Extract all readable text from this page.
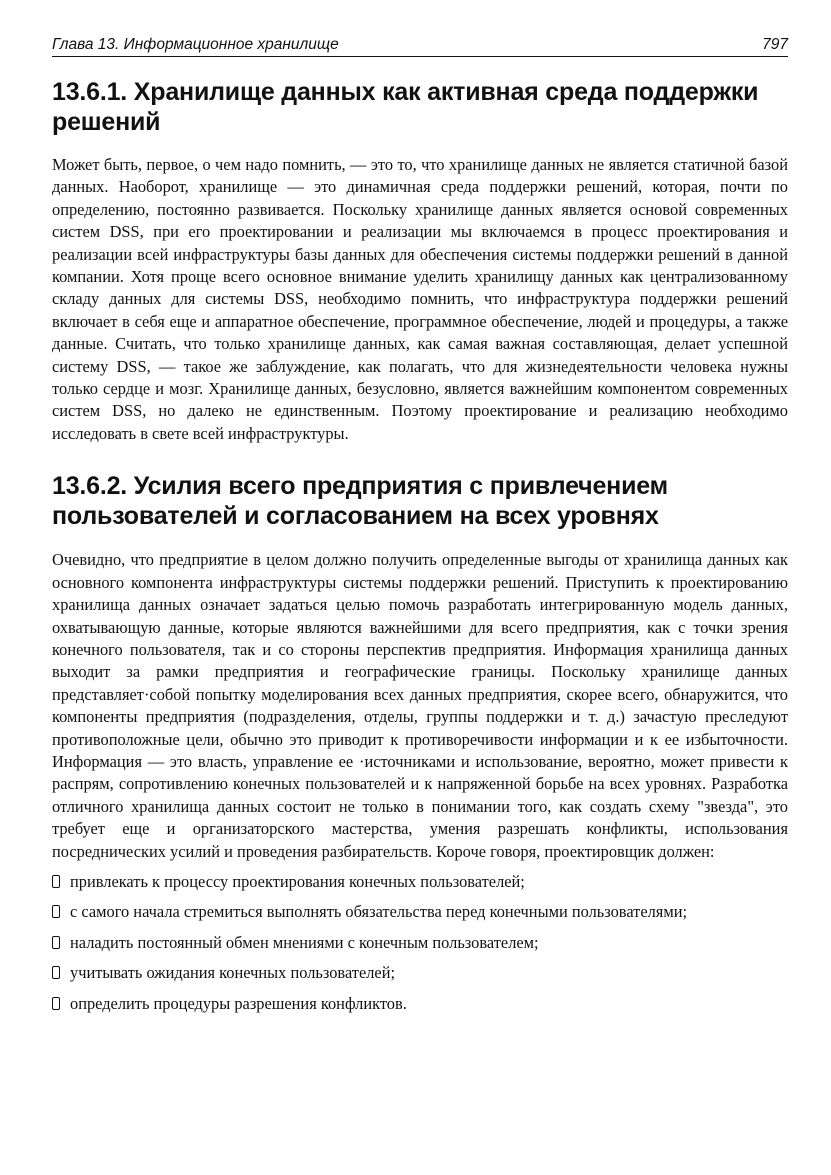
Глава 13. Информационное хранилище	797
13.6.1. Хранилище данных как активная среда поддержки решений

Может быть, первое, о чем надо помнить, — это то, что хранилище данных не является статичной базой данных. Наоборот, хранилище — это динамичная среда поддержки решений, которая, почти по определению, постоянно развивается. Поскольку хранилище данных является основой современных систем DSS, при его проектировании и реализации мы включаемся в процесс проектирования и реализации всей инфраструктуры базы данных для обеспечения системы поддержки решений в данной компании. Хотя проще всего основное внимание уделить хранилищу данных как централизованному складу данных для системы DSS, необходимо помнить, что инфраструктура поддержки решений включает в себя еще и аппаратное обеспечение, программное обеспечение, людей и процедуры, а также данные. Считать, что только хранилище данных, как самая важная составляющая, делает успешной систему DSS, — такое же заблуждение, как полагать, что для жизнедеятельности человека нужны только сердце и мозг. Хранилище данных, безусловно, является важнейшим компонентом современных систем DSS, но далеко не единственным. Поэтому проектирование и реализацию необходимо исследовать в свете всей инфраструктуры.

13.6.2. Усилия всего предприятия с привлечением пользователей и согласованием на всех уровнях

Очевидно, что предприятие в целом должно получить определенные выгоды от хранилища данных как основного компонента инфраструктуры системы поддержки решений. Приступить к проектированию хранилища данных означает задаться целью помочь разработать интегрированную модель данных, охватывающую данные, которые являются важнейшими для всего предприятия, как с точки зрения конечного пользователя, так и со стороны перспектив предприятия. Информация хранилища данных выходит за рамки предприятия и географические границы. Поскольку хранилище данных представляет·собой попытку моделирования всех данных предприятия, скорее всего, обнаружится, что компоненты предприятия (подразделения, отделы, группы поддержки и т. д.) зачастую преследуют противоположные цели, обычно это приводит к противоречивости информации и к ее избыточности. Информация — это власть, управление ее ·источниками и использование, вероятно, может привести к распрям, сопротивлению конечных пользователей и к напряженной борьбе на всех уровнях. Разработка отличного хранилища данных состоит не только в понимании того, как создать схему "звезда", это требует еще и организаторского мастерства, умения разрешать конфликты, использования посреднических усилий и проведения разбирательств. Короче говоря, проектировщик должен:

привлекать к процессу проектирования конечных пользователей;
с самого начала стремиться выполнять обязательства перед конечными пользователями;
наладить постоянный обмен мнениями с конечным пользователем;
учитывать ожидания конечных пользователей;
определить процедуры разрешения конфликтов.
